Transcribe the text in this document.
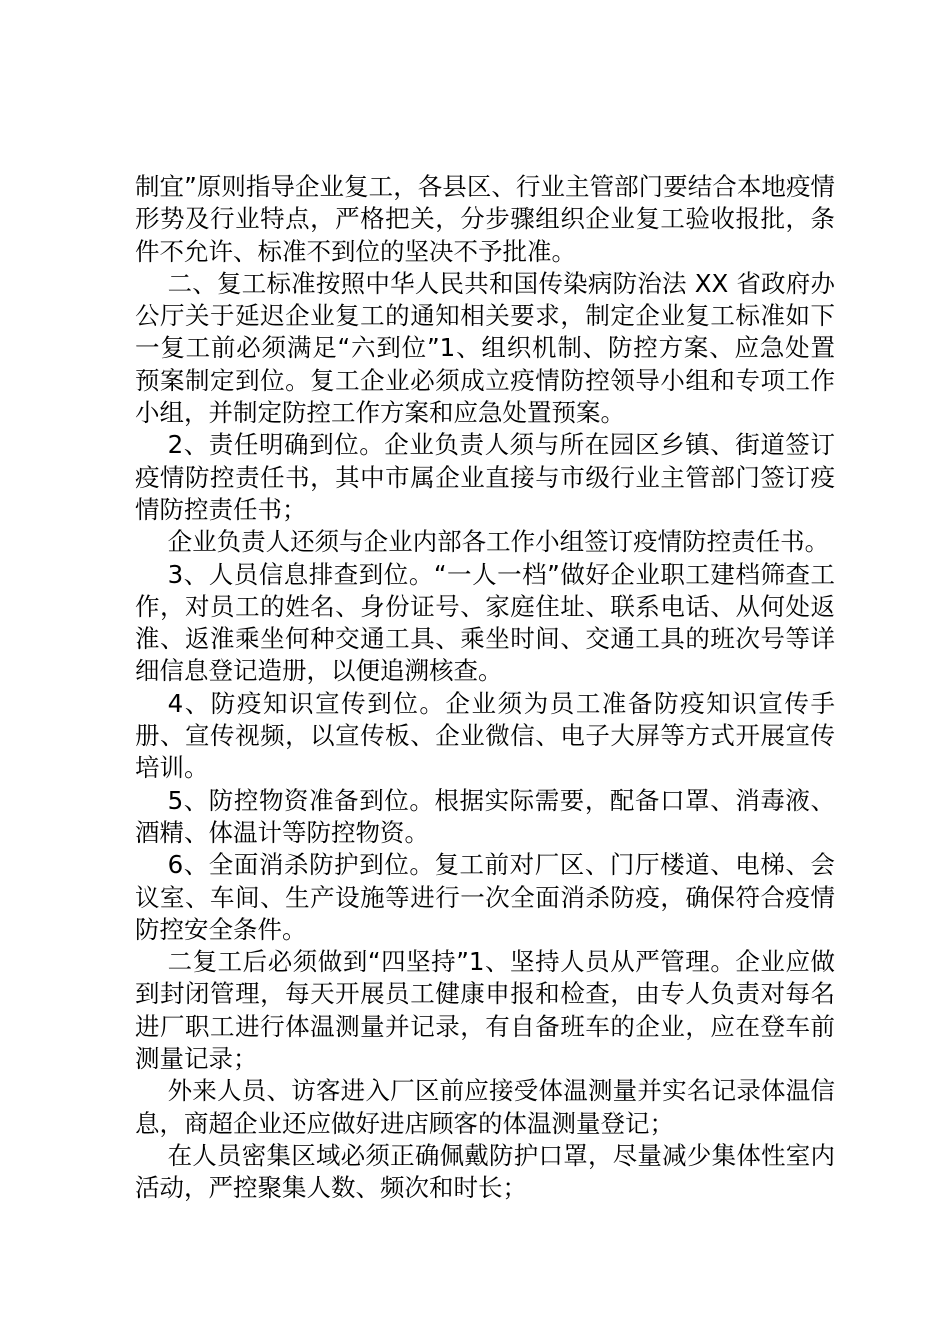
制宜”原则指导企业复工，各县区、行业主管部门要结合本地疫情形势及行业特点，严格把关，分步骤组织企业复工验收报批，条件不允许、标准不到位的坚决不予批准。

二、复工标准按照中华人民共和国传染病防治法 XX 省政府办公厅关于延迟企业复工的通知相关要求，制定企业复工标准如下一复工前必须满足“六到位”1、组织机制、防控方案、应急处置预案制定到位。复工企业必须成立疫情防控领导小组和专项工作小组，并制定防控工作方案和应急处置预案。

2、责任明确到位。企业负责人须与所在园区乡镇、街道签订疫情防控责任书，其中市属企业直接与市级行业主管部门签订疫情防控责任书；

企业负责人还须与企业内部各工作小组签订疫情防控责任书。

3、人员信息排查到位。“一人一档”做好企业职工建档筛查工作，对员工的姓名、身份证号、家庭住址、联系电话、从何处返淮、返淮乘坐何种交通工具、乘坐时间、交通工具的班次号等详细信息登记造册，以便追溯核查。

4、防疫知识宣传到位。企业须为员工准备防疫知识宣传手册、宣传视频，以宣传板、企业微信、电子大屏等方式开展宣传培训。

5、防控物资准备到位。根据实际需要，配备口罩、消毒液、酒精、体温计等防控物资。

6、全面消杀防护到位。复工前对厂区、门厅楼道、电梯、会议室、车间、生产设施等进行一次全面消杀防疫，确保符合疫情防控安全条件。

二复工后必须做到“四坚持”1、坚持人员从严管理。企业应做到封闭管理，每天开展员工健康申报和检查，由专人负责对每名进厂职工进行体温测量并记录，有自备班车的企业，应在登车前测量记录；

外来人员、访客进入厂区前应接受体温测量并实名记录体温信息，商超企业还应做好进店顾客的体温测量登记；

在人员密集区域必须正确佩戴防护口罩，尽量减少集体性室内活动，严控聚集人数、频次和时长；
